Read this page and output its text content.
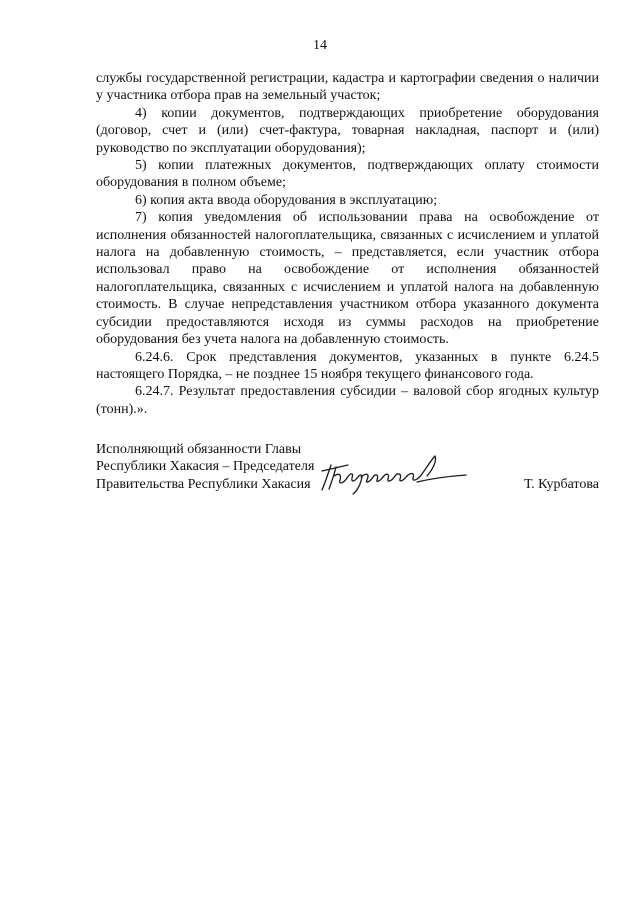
14

службы государственной регистрации, кадастра и картографии сведения о наличии у участника отбора прав на земельный участок;

4) копии документов, подтверждающих приобретение оборудования (договор, счет и (или) счет-фактура, товарная накладная, паспорт и (или) руководство по эксплуатации оборудования);

5) копии платежных документов, подтверждающих оплату стоимости оборудования в полном объеме;

6) копия акта ввода оборудования в эксплуатацию;

7) копия уведомления об использовании права на освобождение от исполнения обязанностей налогоплательщика, связанных с исчислением и уплатой налога на добавленную стоимость, – представляется, если участник отбора использовал право на освобождение от исполнения обязанностей налогоплательщика, связанных с исчислением и уплатой налога на добавленную стоимость. В случае непредставления участником отбора указанного документа субсидии предоставляются исходя из суммы расходов на приобретение оборудования без учета налога на добавленную стоимость.

6.24.6. Срок представления документов, указанных в пункте 6.24.5 настоящего Порядка, – не позднее 15 ноября текущего финансового года.

6.24.7. Результат предоставления субсидии – валовой сбор ягодных культур (тонн).».

Исполняющий обязанности Главы
Республики Хакасия – Председателя
Правительства Республики Хакасия	Т. Курбатова
